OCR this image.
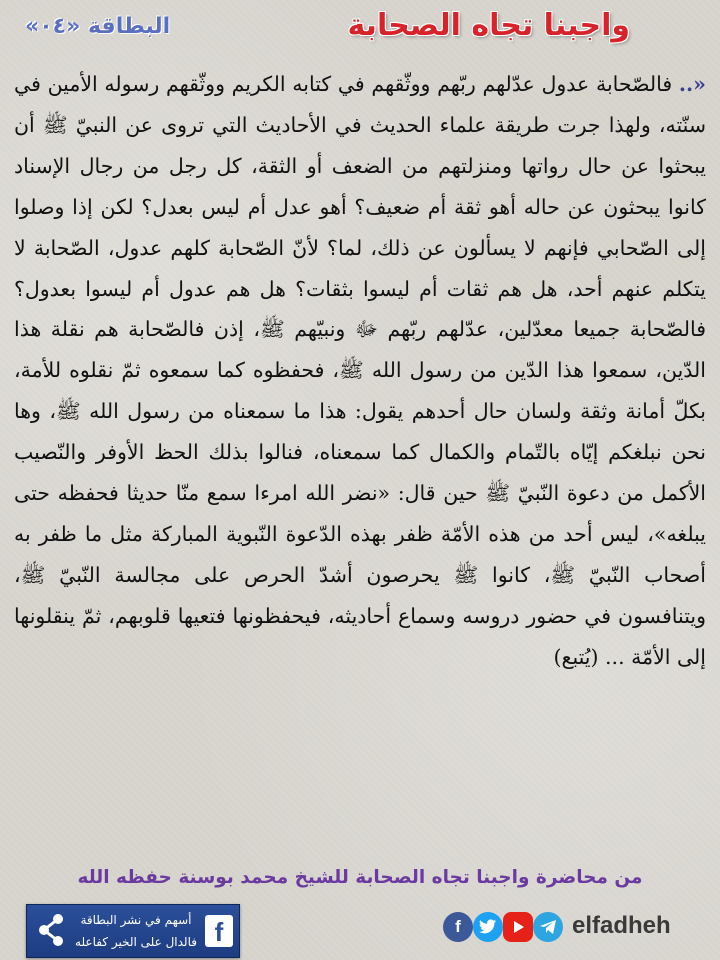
واجبنا تجاه الصحابة
البطاقة «٠٤»
«.. فالصّحابة عدول عدّلهم ربّهم ووثّقهم في كتابه الكريم ووثّقهم رسوله الأمين في سنّته، ولهذا جرت طريقة علماء الحديث في الأحاديث التي تروى عن النبيّ ﷺ أن يبحثوا عن حال رواتها ومنزلتهم من الضعف أو الثقة، كل رجل من رجال الإسناد كانوا يبحثون عن حاله أهو ثقة أم ضعيف؟ أهو عدل أم ليس بعدل؟ لكن إذا وصلوا إلى الصّحابي فإنهم لا يسألون عن ذلك، لما؟ لأنّ الصّحابة كلهم عدول، الصّحابة لا يتكلم عنهم أحد، هل هم ثقات أم ليسوا بثقات؟ هل هم عدول أم ليسوا بعدول؟ فالصّحابة جميعا معدّلين، عدّلهم ربّهم ﷻ ونبيّهم ﷺ، إذن فالصّحابة هم نقلة هذا الدّين، سمعوا هذا الدّين من رسول الله ﷺ، فحفظوه كما سمعوه ثمّ نقلوه للأمة، بكلّ أمانة وثقة ولسان حال أحدهم يقول: هذا ما سمعناه من رسول الله ﷺ، وها نحن نبلغكم إيّاه بالتّمام والكمال كما سمعناه، فنالوا بذلك الحظ الأوفر والنّصيب الأكمل من دعوة النّبيّ ﷺ حين قال: «نضر الله امرءا سمع منّا حديثا فحفظه حتى يبلغه»، ليس أحد من هذه الأمّة ظفر بهذه الدّعوة النّبوية المباركة مثل ما ظفر به أصحاب النّبيّ ﷺ، كانوا ﷺ يحرصون أشدّ الحرص على مجالسة النّبيّ ﷺ، ويتنافسون في حضور دروسه وسماع أحاديثه، فيحفظونها فتعيها قلوبهم، ثمّ ينقلونها إلى الأمّة ... (يُتبع)
من محاضرة واجبنا تجاه الصحابة للشيخ محمد بوسنة حفظه الله
أسهم في نشر البطاقة
فالدال على الخير كفاعله f	f	elfadheh
